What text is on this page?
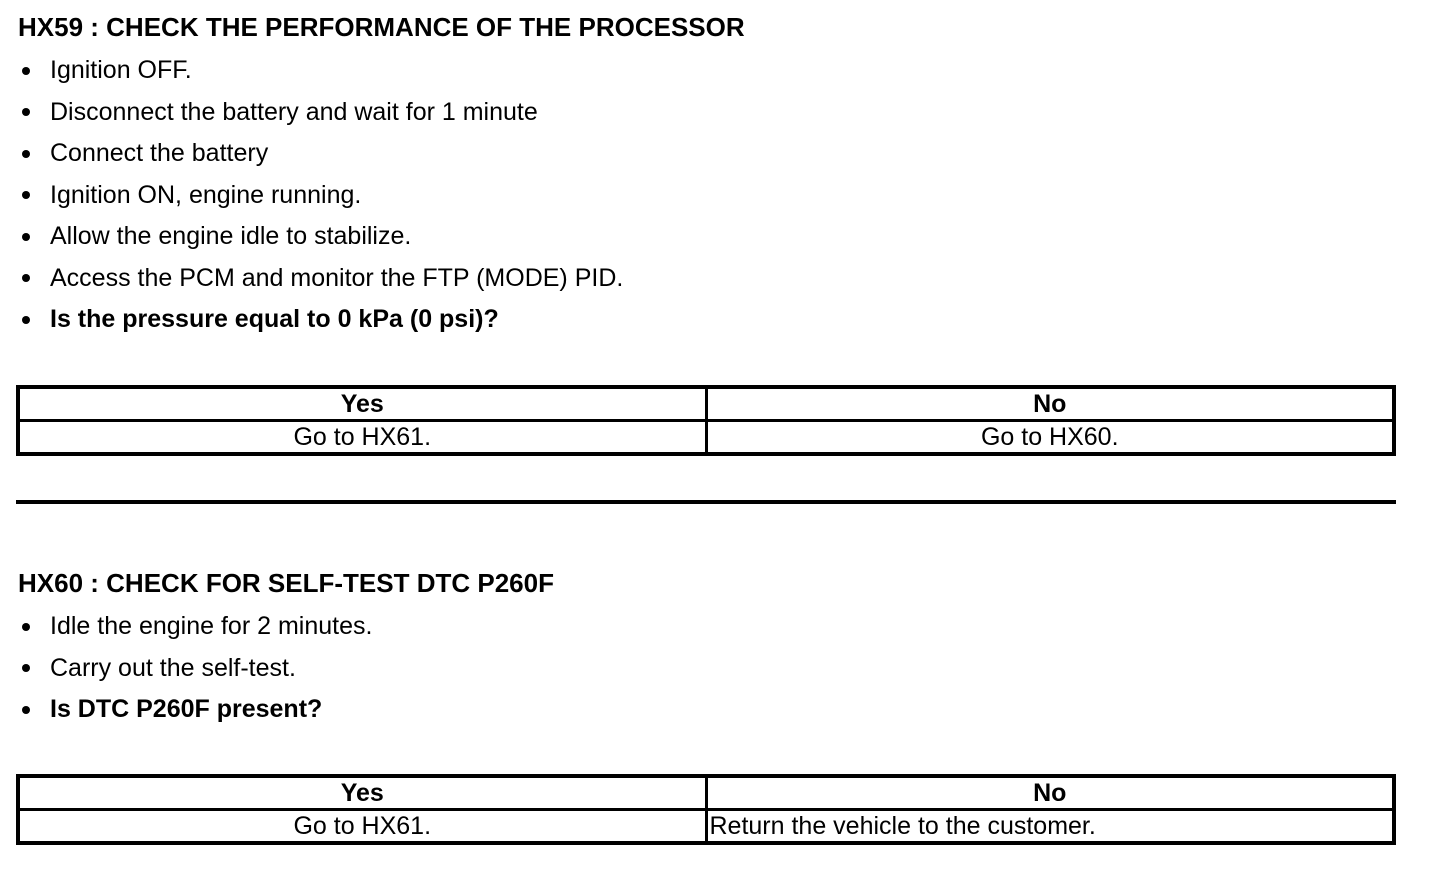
HX59 : CHECK THE PERFORMANCE OF THE PROCESSOR
Ignition OFF.
Disconnect the battery and wait for 1 minute
Connect the battery
Ignition ON, engine running.
Allow the engine idle to stabilize.
Access the PCM and monitor the FTP (MODE) PID.
Is the pressure equal to 0 kPa (0 psi)?
Yes	No
Go to HX61.	Go to HX60.
HX60 : CHECK FOR SELF-TEST DTC P260F
Idle the engine for 2 minutes.
Carry out the self-test.
Is DTC P260F present?
Yes	No
Go to HX61.	Return the vehicle to the customer.
